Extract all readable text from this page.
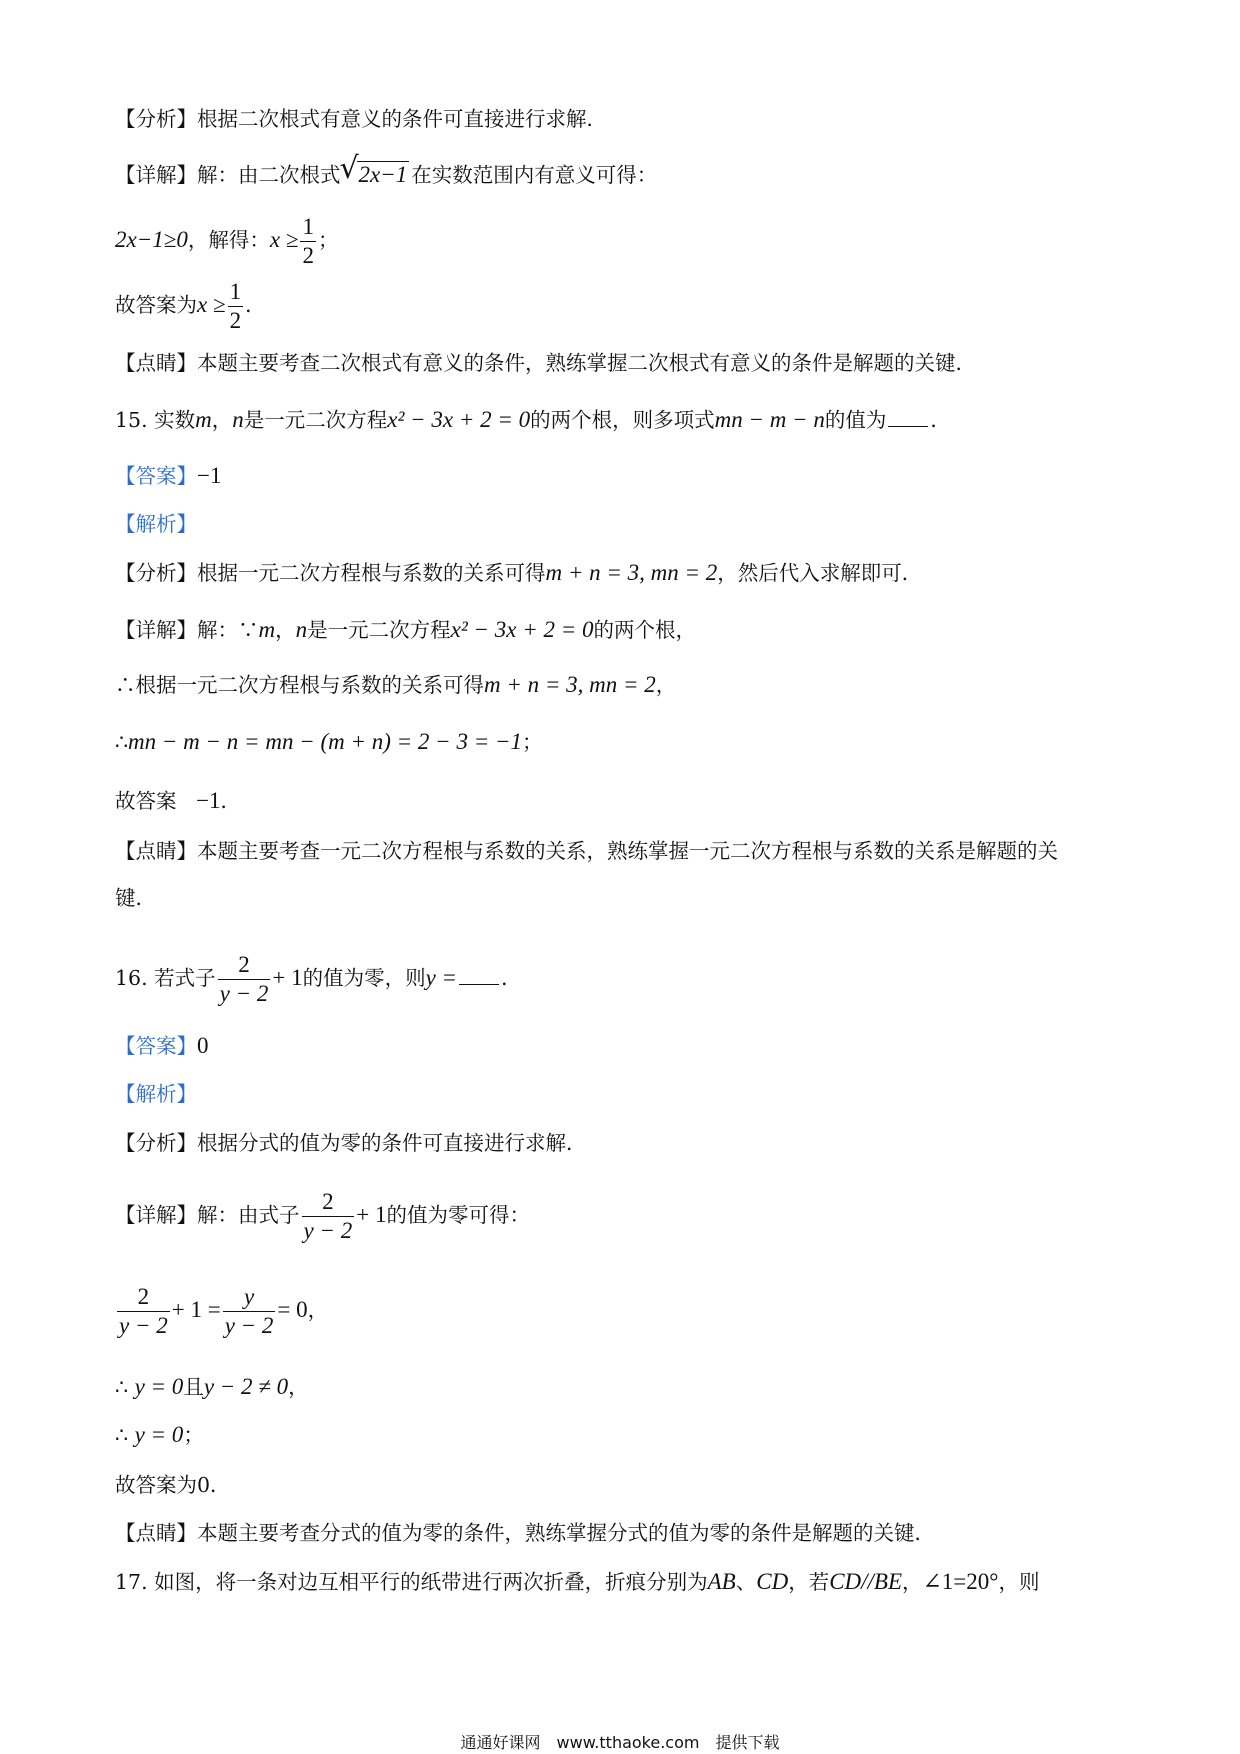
【分析】根据二次根式有意义的条件可直接进行求解．
【详解】解：由二次根式√ 2x−1 在实数范围内有意义可得：
2x−1≥0，解得：$x \ge \frac{1}{2}$ ；
故答案为$x \ge \frac{1}{2}$ ．
【点睛】本题主要考查二次根式有意义的条件，熟练掌握二次根式有意义的条件是解题的关键．
15. 实数m，n是一元二次方程x² − 3x + 2 = 0的两个根，则多项式mn − m − n的值为 ．
【答案】−1
【解析】
【分析】根据一元二次方程根与系数的关系可得m + n = 3, mn = 2，然后代入求解即可．
【详解】解：∵m，n是一元二次方程x² − 3x + 2 = 0的两个根，
∴根据一元二次方程根与系数的关系可得m + n = 3, mn = 2，
∴mn − m − n = mn − (m + n) = 2 − 3 = −1；
故答案 −1．
【点睛】本题主要考查一元二次方程根与系数的关系，熟练掌握一元二次方程根与系数的关系是解题的关
键．
16. 若式子 $\frac{2}{y - 2} + 1$的值为零，则y = ．
【答案】0
【解析】
【分析】根据分式的值为零的条件可直接进行求解．
【详解】解：由式子 $\frac{2}{y - 2} + 1$的值为零可得：
$\frac{2}{y - 2} + 1 = \frac{y}{y - 2} = 0$，
∴ y = 0且y − 2 ≠ 0，
∴ y = 0；
故答案为0．
【点睛】本题主要考查分式的值为零的条件，熟练掌握分式的值为零的条件是解题的关键．
17. 如图，将一条对边互相平行的纸带进行两次折叠，折痕分别为AB、CD，若CD//BE，∠1=20°，则
通通好课网　www.tthaoke.com　提供下载
